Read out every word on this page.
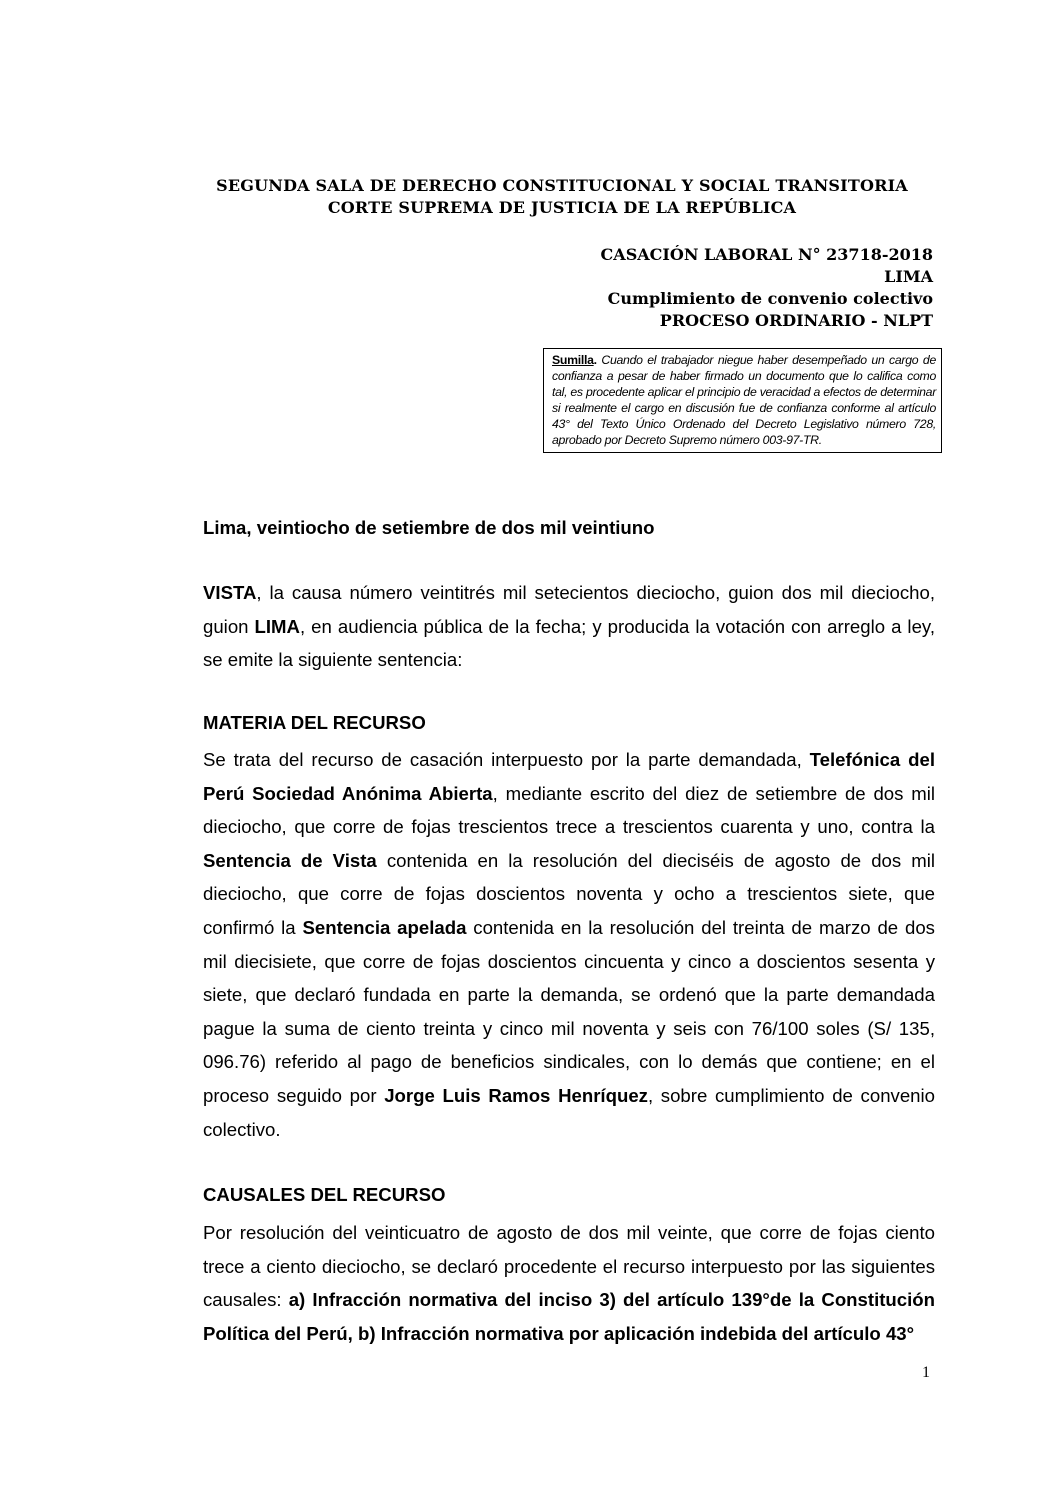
SEGUNDA SALA DE DERECHO CONSTITUCIONAL Y SOCIAL TRANSITORIA
CORTE SUPREMA DE JUSTICIA DE LA REPÚBLICA
CASACIÓN LABORAL N° 23718-2018
LIMA
Cumplimiento de convenio colectivo
PROCESO ORDINARIO - NLPT
Sumilla. Cuando el trabajador niegue haber desempeñado un cargo de confianza a pesar de haber firmado un documento que lo califica como tal, es procedente aplicar el principio de veracidad a efectos de determinar si realmente el cargo en discusión fue de confianza conforme al artículo 43° del Texto Único Ordenado del Decreto Legislativo número 728, aprobado por Decreto Supremo número 003-97-TR.
Lima, veintiocho de setiembre de dos mil veintiuno
VISTA, la causa número veintitrés mil setecientos dieciocho, guion dos mil dieciocho, guion LIMA, en audiencia pública de la fecha; y producida la votación con arreglo a ley, se emite la siguiente sentencia:
MATERIA DEL RECURSO
Se trata del recurso de casación interpuesto por la parte demandada, Telefónica del Perú Sociedad Anónima Abierta, mediante escrito del diez de setiembre de dos mil dieciocho, que corre de fojas trescientos trece a trescientos cuarenta y uno, contra la Sentencia de Vista contenida en la resolución del dieciséis de agosto de dos mil dieciocho, que corre de fojas doscientos noventa y ocho a trescientos siete, que confirmó la Sentencia apelada contenida en la resolución del treinta de marzo de dos mil diecisiete, que corre de fojas doscientos cincuenta y cinco a doscientos sesenta y siete, que declaró fundada en parte la demanda, se ordenó que la parte demandada pague la suma de ciento treinta y cinco mil noventa y seis con 76/100 soles (S/ 135, 096.76) referido al pago de beneficios sindicales, con lo demás que contiene; en el proceso seguido por Jorge Luis Ramos Henríquez, sobre cumplimiento de convenio colectivo.
CAUSALES DEL RECURSO
Por resolución del veinticuatro de agosto de dos mil veinte, que corre de fojas ciento trece a ciento dieciocho, se declaró procedente el recurso interpuesto por las siguientes causales: a) Infracción normativa del inciso 3) del artículo 139°de la Constitución Política del Perú, b) Infracción normativa por aplicación indebida del artículo 43°
1
